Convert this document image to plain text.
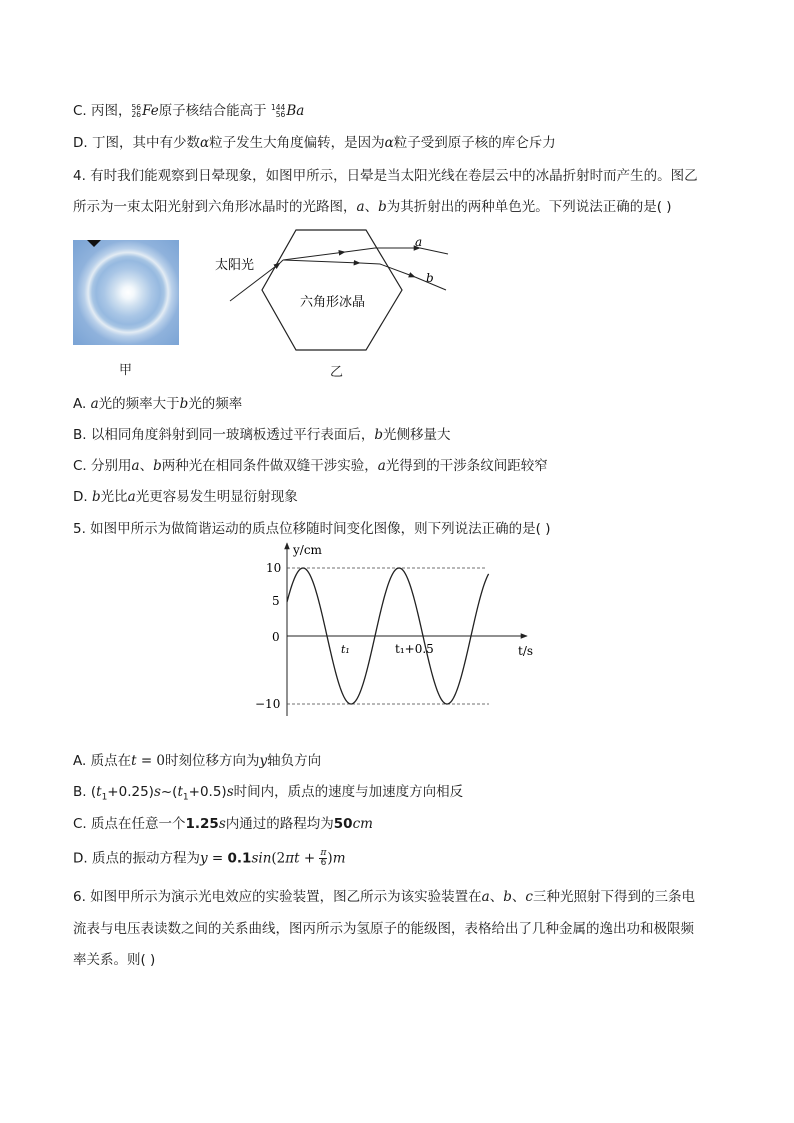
C. 丙图， 56
26 Fe原子核结合能高于 144
56 Ba
D. 丁图，其中有少数α粒子发生大角度偏转，是因为α粒子受到原子核的库仑斥力
4. 有时我们能观察到日晕现象，如图甲所示，日晕是当太阳光线在卷层云中的冰晶折射时而产生的。图乙
所示为一束太阳光射到六角形冰晶时的光路图，a、b为其折射出的两种单色光。下列说法正确的是( )
甲
太阳光
六角形冰晶
a
b
乙
A. a光的频率大于b光的频率
B. 以相同角度斜射到同一玻璃板透过平行表面后，b光侧移量大
C. 分别用a、b两种光在相同条件做双缝干涉实验，a光得到的干涉条纹间距较窄
D. b光比a光更容易发生明显衍射现象
5. 如图甲所示为做简谐运动的质点位移随时间变化图像，则下列说法正确的是( )
y/cm
t/s
10
5
0
−10
t₁	t₁+0.5
A. 质点在t = 0时刻位移方向为y轴负方向
B. $(t_1+0.25)s\sim(t_1+0.5)s$时间内，质点的速度与加速度方向相反
C. 质点在任意一个1.25s内通过的路程均为50cm
D. 质点的振动方程为$y = 0.1\sin(2\pi t + \frac{\pi}{6} )m$
6. 如图甲所示为演示光电效应的实验装置，图乙所示为该实验装置在a、b、c三种光照射下得到的三条电
流表与电压表读数之间的关系曲线，图丙所示为氢原子的能级图，表格给出了几种金属的逸出功和极限频
率关系。则( )
